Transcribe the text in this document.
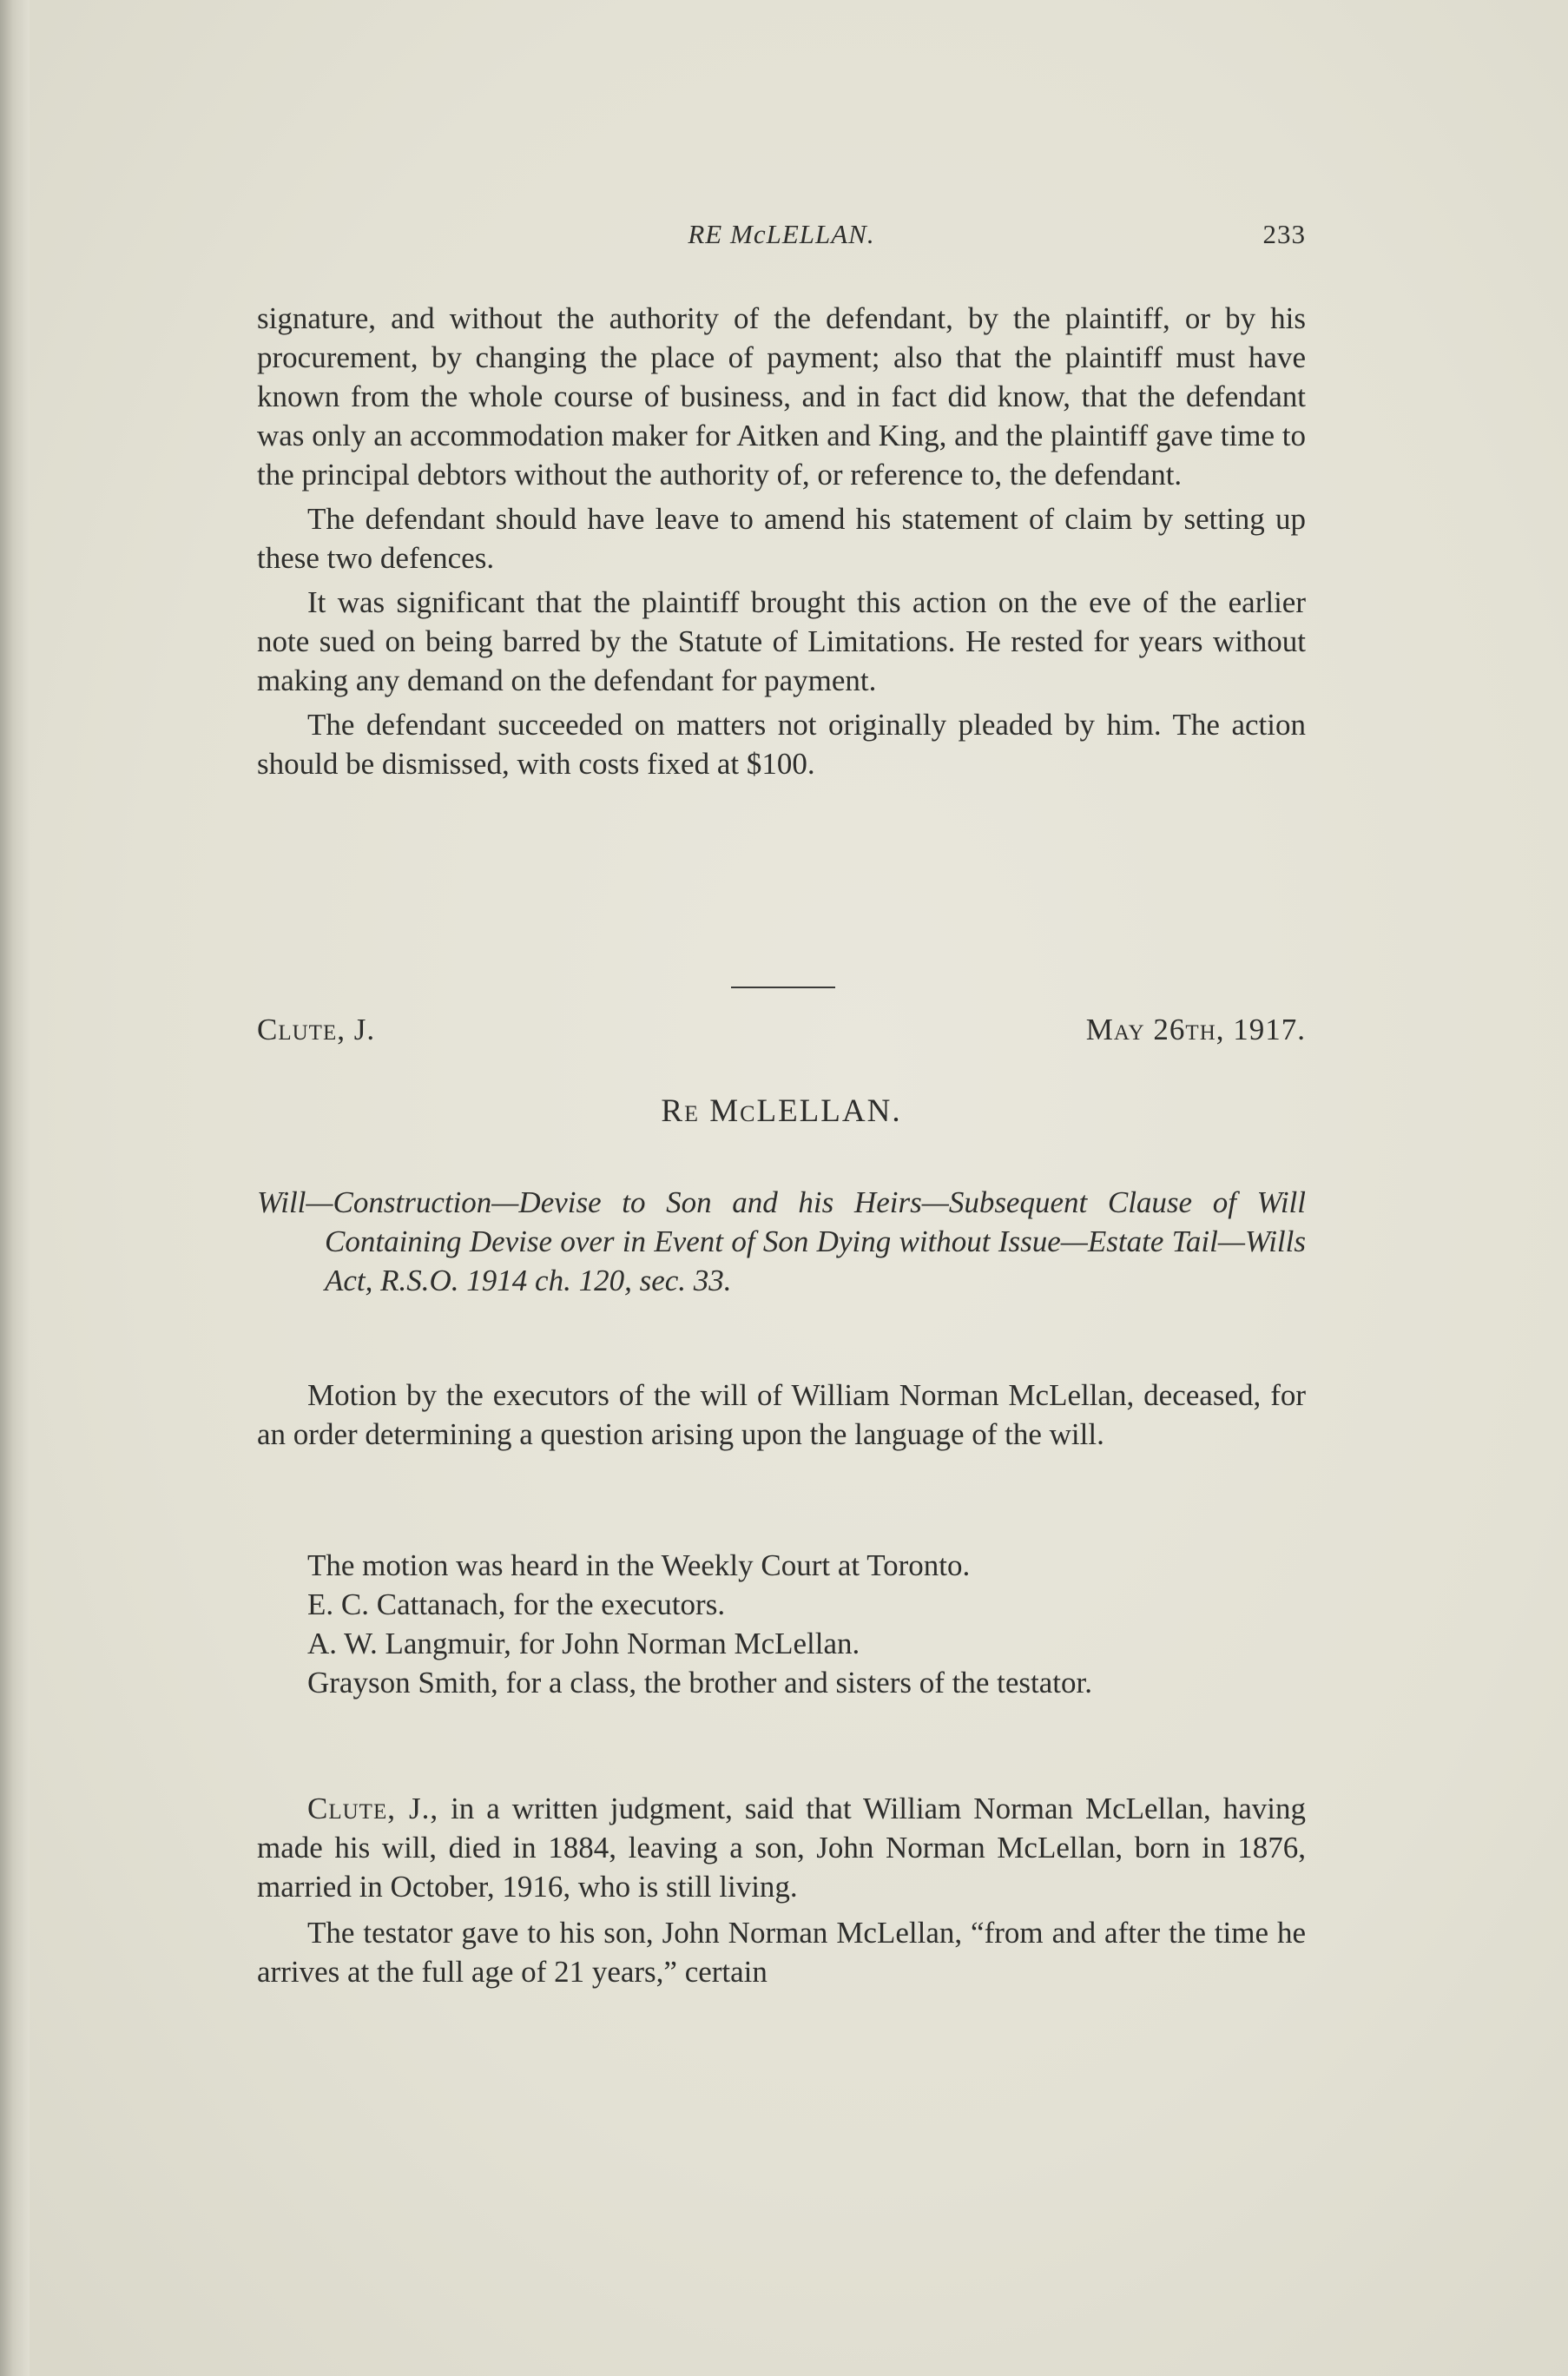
RE McLELLAN.	233

signature, and without the authority of the defendant, by the plaintiff, or by his procurement, by changing the place of payment; also that the plaintiff must have known from the whole course of business, and in fact did know, that the defendant was only an accommodation maker for Aitken and King, and the plaintiff gave time to the principal debtors without the authority of, or reference to, the defendant.

The defendant should have leave to amend his statement of claim by setting up these two defences.

It was significant that the plaintiff brought this action on the eve of the earlier note sued on being barred by the Statute of Limitations. He rested for years without making any demand on the defendant for payment.

The defendant succeeded on matters not originally pleaded by him. The action should be dismissed, with costs fixed at $100.

Clute, J.	May 26th, 1917.
Re McLELLAN.
Will—Construction—Devise to Son and his Heirs—Subsequent Clause of Will Containing Devise over in Event of Son Dying without Issue—Estate Tail—Wills Act, R.S.O. 1914 ch. 120, sec. 33.

Motion by the executors of the will of William Norman McLellan, deceased, for an order determining a question arising upon the language of the will.

The motion was heard in the Weekly Court at Toronto.

E. C. Cattanach, for the executors.

A. W. Langmuir, for John Norman McLellan.

Grayson Smith, for a class, the brother and sisters of the testator.

Clute, J., in a written judgment, said that William Norman McLellan, having made his will, died in 1884, leaving a son, John Norman McLellan, born in 1876, married in October, 1916, who is still living.

The testator gave to his son, John Norman McLellan, “from and after the time he arrives at the full age of 21 years,” certain
